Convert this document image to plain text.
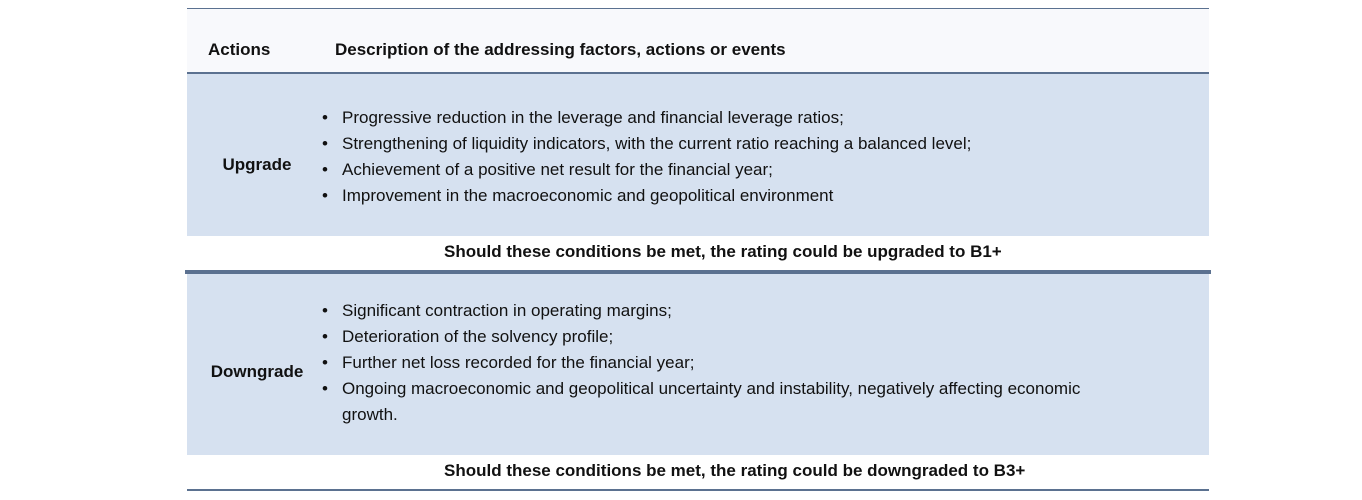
Actions	Description of the addressing factors, actions or events
Upgrade
• Progressive reduction in the leverage and financial leverage ratios;
• Strengthening of liquidity indicators, with the current ratio reaching a balanced level;
• Achievement of a positive net result for the financial year;
• Improvement in the macroeconomic and geopolitical environment
Should these conditions be met, the rating could be upgraded to B1+
Downgrade
• Significant contraction in operating margins;
• Deterioration of the solvency profile;
• Further net loss recorded for the financial year;
• Ongoing macroeconomic and geopolitical uncertainty and instability, negatively affecting economic growth.
Should these conditions be met, the rating could be downgraded to B3+
